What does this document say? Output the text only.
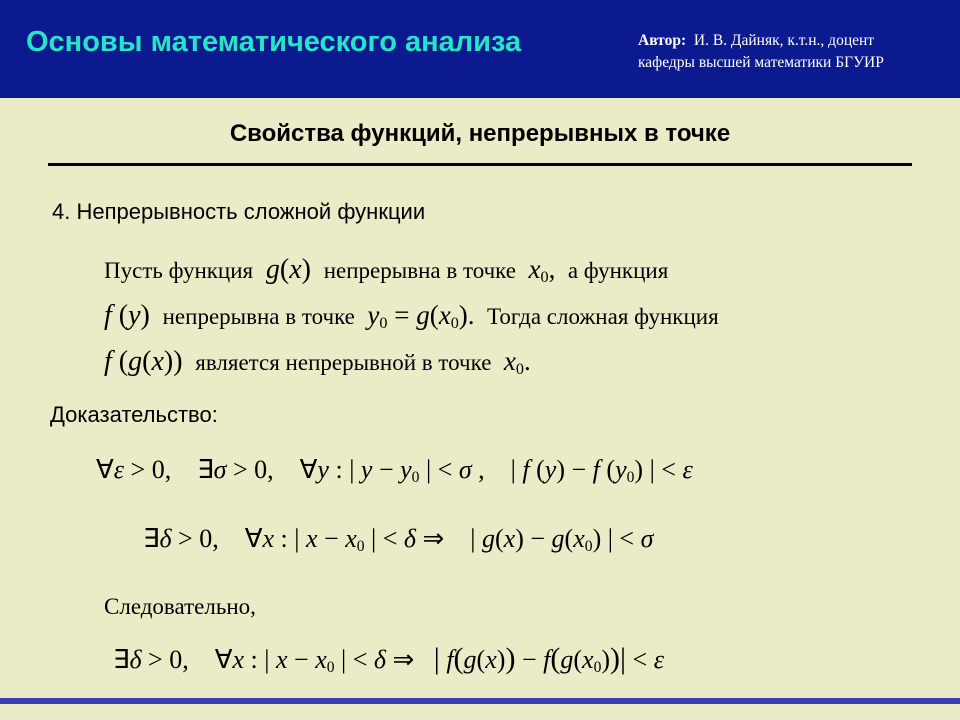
Основы математического анализа	Автор: И. В. Дайняк, к.т.н., доцент
кафедры высшей математики БГУИР
Свойства функций, непрерывных в точке
4. Непрерывность сложной функции
Пусть функция g(x)  непрерывна в точке $x_0$,  а функция
f (y)  непрерывна в точке $y_0 = g(x_0)$.  Тогда сложная функция
f (g(x))  является непрерывной в точке $x_0$.
Доказательство:
∀ε > 0,    ∃σ > 0,    ∀y : | $y - y_0$ | < σ ,    | f (y) − f $(y_0)$ | < ε
∃δ > 0,    ∀x : | $x - x_0$ | < δ ⇒    | $g(x) - g(x_0)$ | < σ
Следовательно,
∃δ > 0,    ∀x : | $x - x_0$ | < δ ⇒   | $f(g(x)) - f(g(x_0))| < \varepsilon$
